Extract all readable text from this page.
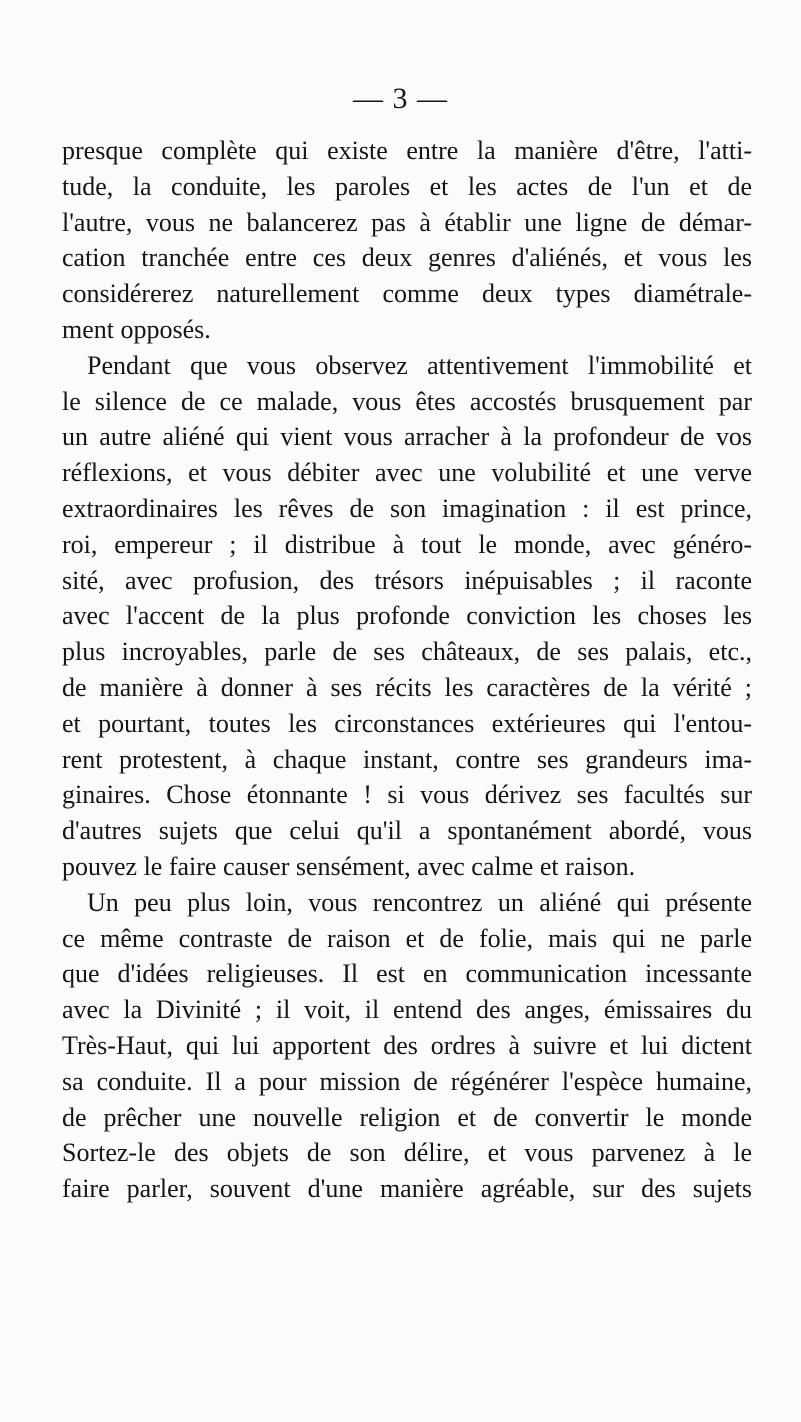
— 3 —
presque complète qui existe entre la manière d'être, l'atti-
tude, la conduite, les paroles et les actes de l'un et de
l'autre, vous ne balancerez pas à établir une ligne de démar-
cation tranchée entre ces deux genres d'aliénés, et vous les
considérerez naturellement comme deux types diamétrale-
ment opposés.
Pendant que vous observez attentivement l'immobilité et
le silence de ce malade, vous êtes accostés brusquement par
un autre aliéné qui vient vous arracher à la profondeur de vos
réflexions, et vous débiter avec une volubilité et une verve
extraordinaires les rêves de son imagination : il est prince,
roi, empereur ; il distribue à tout le monde, avec généro-
sité, avec profusion, des trésors inépuisables ; il raconte
avec l'accent de la plus profonde conviction les choses les
plus incroyables, parle de ses châteaux, de ses palais, etc.,
de manière à donner à ses récits les caractères de la vérité ;
et pourtant, toutes les circonstances extérieures qui l'entou-
rent protestent, à chaque instant, contre ses grandeurs ima-
ginaires. Chose étonnante ! si vous dérivez ses facultés sur
d'autres sujets que celui qu'il a spontanément abordé, vous
pouvez le faire causer sensément, avec calme et raison.
Un peu plus loin, vous rencontrez un aliéné qui présente
ce même contraste de raison et de folie, mais qui ne parle
que d'idées religieuses. Il est en communication incessante
avec la Divinité ; il voit, il entend des anges, émissaires du
Très-Haut, qui lui apportent des ordres à suivre et lui dictent
sa conduite. Il a pour mission de régénérer l'espèce humaine,
de prêcher une nouvelle religion et de convertir le monde
Sortez-le des objets de son délire, et vous parvenez à le
faire parler, souvent d'une manière agréable, sur des sujets
